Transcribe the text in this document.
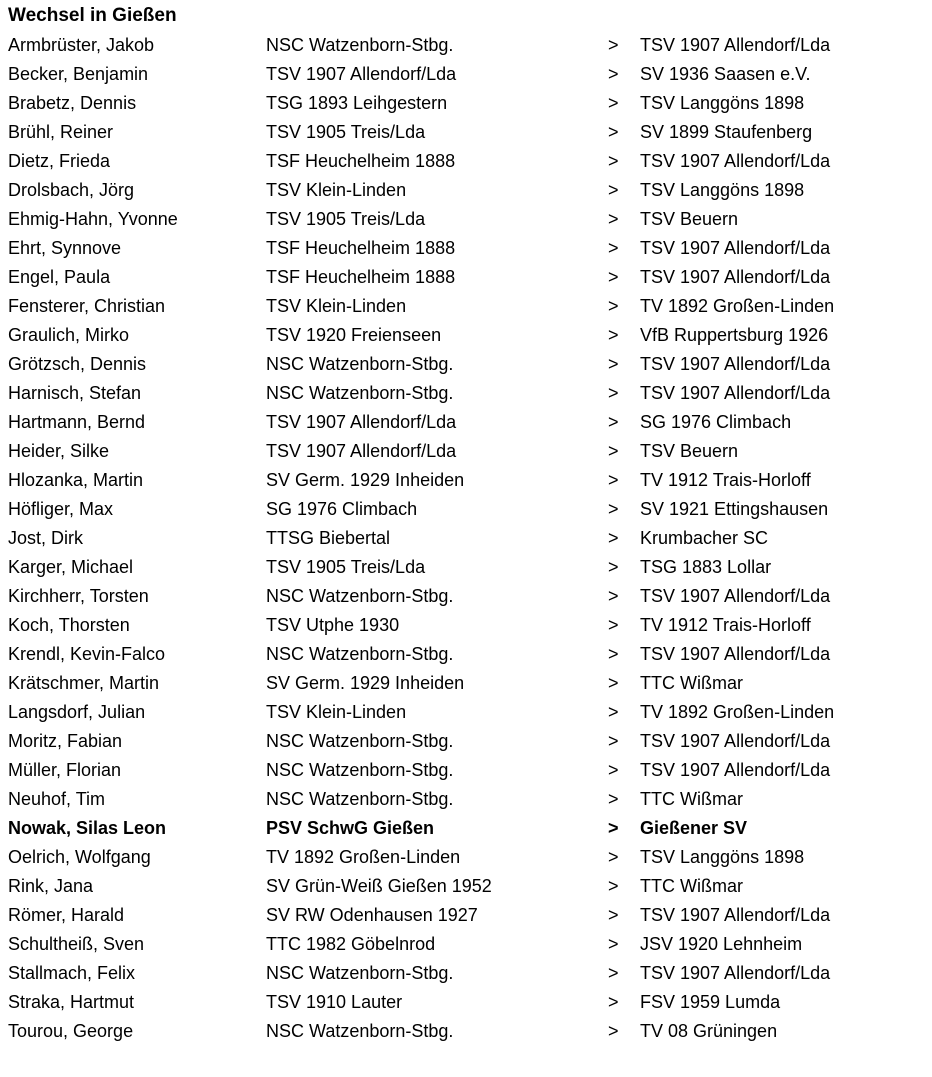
Wechsel in Gießen
Armbrüster, Jakob	NSC Watzenborn-Stbg.	> TSV 1907 Allendorf/Lda
Becker, Benjamin	TSV 1907 Allendorf/Lda	> SV 1936 Saasen e.V.
Brabetz, Dennis	TSG 1893 Leihgestern	> TSV Langgöns 1898
Brühl, Reiner	TSV 1905 Treis/Lda	> SV 1899 Staufenberg
Dietz, Frieda	TSF Heuchelheim 1888	> TSV 1907 Allendorf/Lda
Drolsbach, Jörg	TSV Klein-Linden	> TSV Langgöns 1898
Ehmig-Hahn, Yvonne	TSV 1905 Treis/Lda	> TSV Beuern
Ehrt, Synnove	TSF Heuchelheim 1888	> TSV 1907 Allendorf/Lda
Engel, Paula	TSF Heuchelheim 1888	> TSV 1907 Allendorf/Lda
Fensterer, Christian	TSV Klein-Linden	> TV 1892 Großen-Linden
Graulich, Mirko	TSV 1920 Freienseen	> VfB Ruppertsburg 1926
Grötzsch, Dennis	NSC Watzenborn-Stbg.	> TSV 1907 Allendorf/Lda
Harnisch, Stefan	NSC Watzenborn-Stbg.	> TSV 1907 Allendorf/Lda
Hartmann, Bernd	TSV 1907 Allendorf/Lda	> SG 1976 Climbach
Heider, Silke	TSV 1907 Allendorf/Lda	> TSV Beuern
Hlozanka, Martin	SV Germ. 1929 Inheiden	> TV 1912 Trais-Horloff
Höfliger, Max	SG 1976 Climbach	> SV 1921 Ettingshausen
Jost, Dirk	TTSG Biebertal	> Krumbacher SC
Karger, Michael	TSV 1905 Treis/Lda	> TSG 1883 Lollar
Kirchherr, Torsten	NSC Watzenborn-Stbg.	> TSV 1907 Allendorf/Lda
Koch, Thorsten	TSV Utphe 1930	> TV 1912 Trais-Horloff
Krendl, Kevin-Falco	NSC Watzenborn-Stbg.	> TSV 1907 Allendorf/Lda
Krätschmer, Martin	SV Germ. 1929 Inheiden	> TTC Wißmar
Langsdorf, Julian	TSV Klein-Linden	> TV 1892 Großen-Linden
Moritz, Fabian	NSC Watzenborn-Stbg.	> TSV 1907 Allendorf/Lda
Müller, Florian	NSC Watzenborn-Stbg.	> TSV 1907 Allendorf/Lda
Neuhof, Tim	NSC Watzenborn-Stbg.	> TTC Wißmar
Nowak, Silas Leon	PSV SchwG Gießen	> Gießener SV
Oelrich, Wolfgang	TV 1892 Großen-Linden	> TSV Langgöns 1898
Rink, Jana	SV Grün-Weiß Gießen 1952	> TTC Wißmar
Römer, Harald	SV RW Odenhausen 1927	> TSV 1907 Allendorf/Lda
Schultheiß, Sven	TTC 1982 Göbelnrod	> JSV 1920 Lehnheim
Stallmach, Felix	NSC Watzenborn-Stbg.	> TSV 1907 Allendorf/Lda
Straka, Hartmut	TSV 1910 Lauter	> FSV 1959 Lumda
Tourou, George	NSC Watzenborn-Stbg.	> TV 08 Grüningen
